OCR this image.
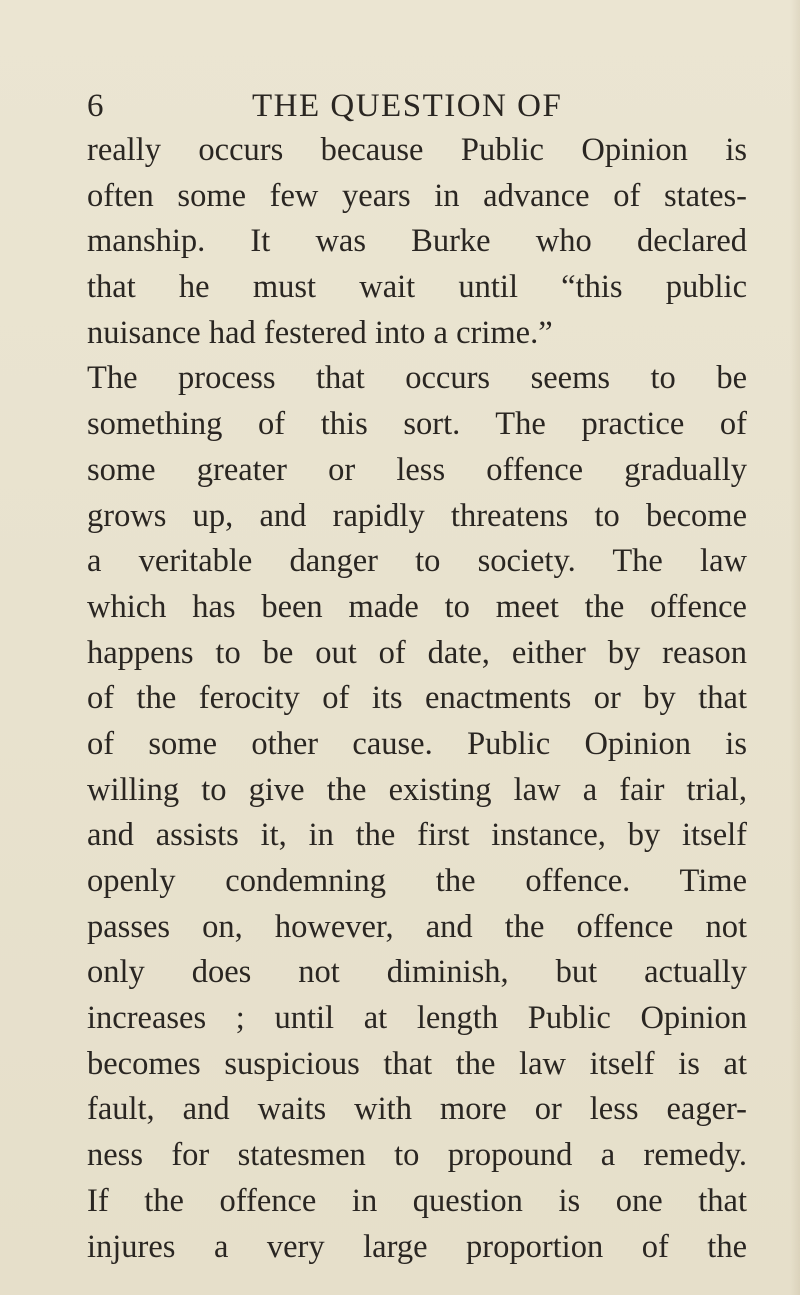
6	THE QUESTION OF
really occurs because Public Opinion is
often some few years in advance of states-
manship. It was Burke who declared
that he must wait until “this public
nuisance had festered into a crime.”
The process that occurs seems to be
something of this sort. The practice of
some greater or less offence gradually
grows up, and rapidly threatens to become
a veritable danger to society. The law
which has been made to meet the offence
happens to be out of date, either by reason
of the ferocity of its enactments or by that
of some other cause. Public Opinion is
willing to give the existing law a fair trial,
and assists it, in the first instance, by itself
openly condemning the offence. Time
passes on, however, and the offence not
only does not diminish, but actually
increases ; until at length Public Opinion
becomes suspicious that the law itself is at
fault, and waits with more or less eager-
ness for statesmen to propound a remedy.
If the offence in question is one that
injures a very large proportion of the
